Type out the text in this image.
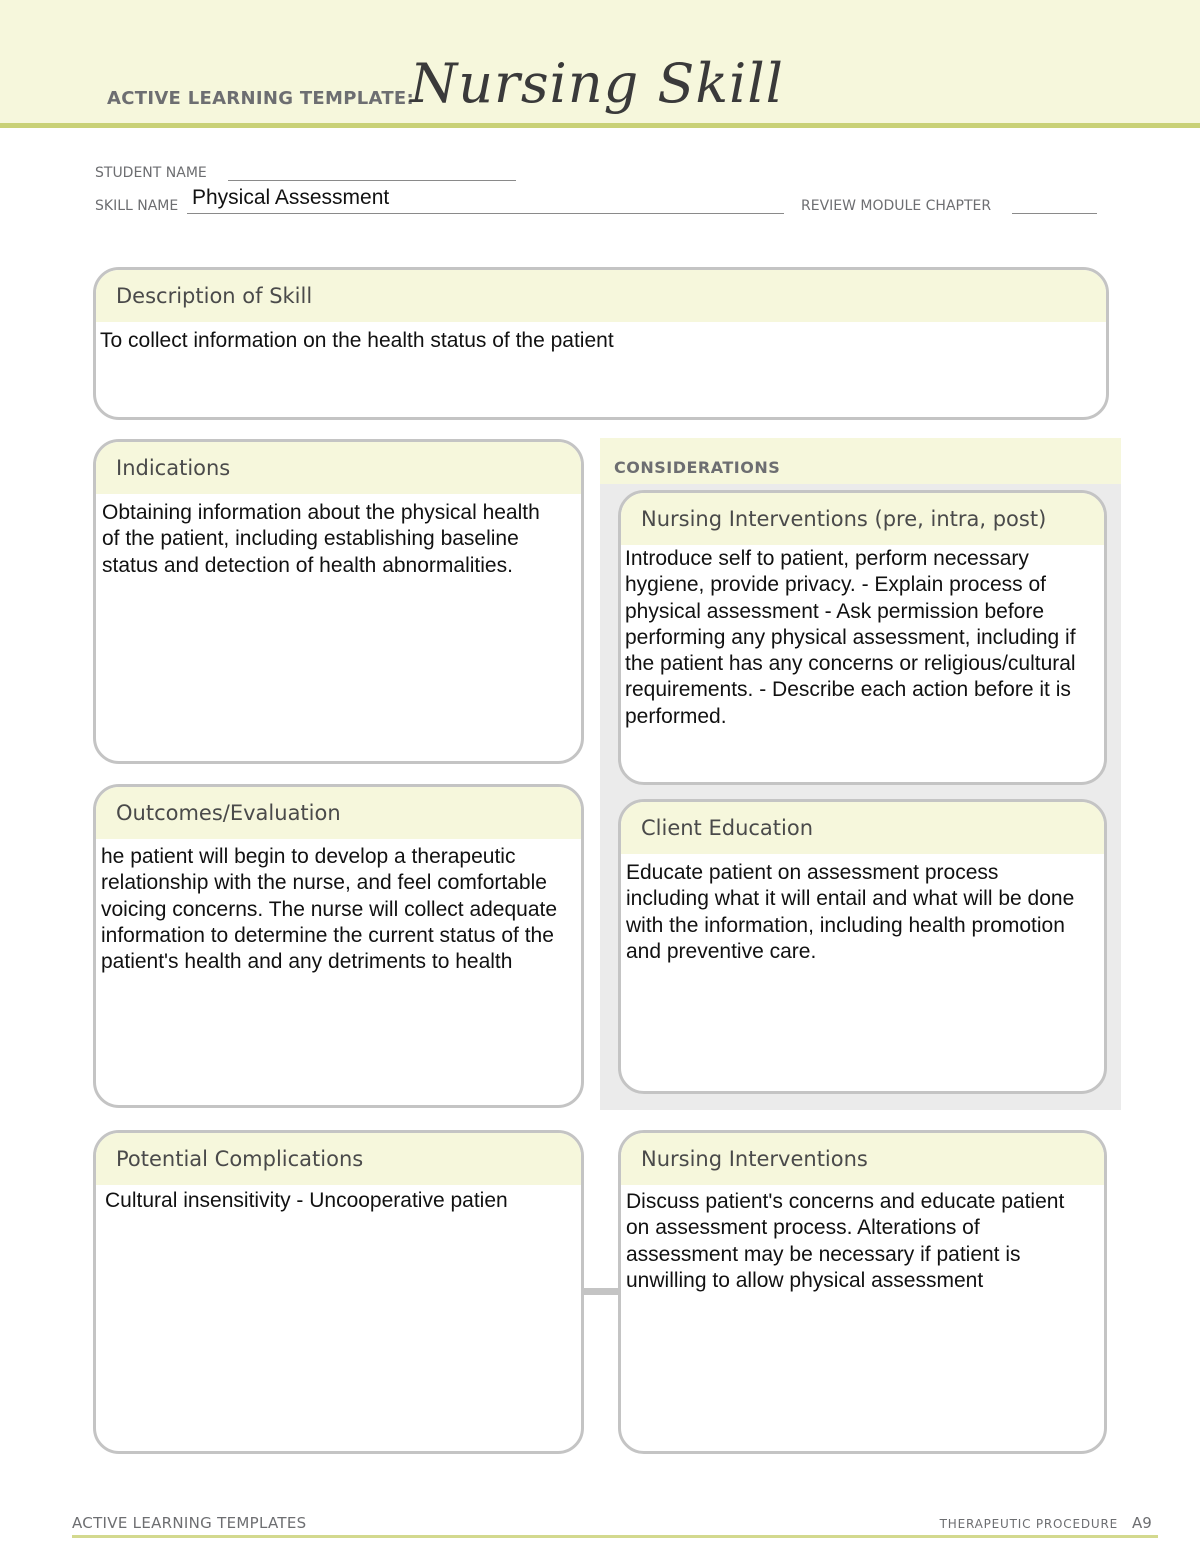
ACTIVE LEARNING TEMPLATE:
Nursing Skill
STUDENT NAME
SKILL NAME Physical Assessment	REVIEW MODULE CHAPTER
Description of Skill
To collect information on the health status of the patient
Indications
Obtaining information about the physical health of the patient, including establishing baseline status and detection of health abnormalities.
Outcomes/Evaluation
he patient will begin to develop a therapeutic relationship with the nurse, and feel comfortable voicing concerns. The nurse will collect adequate information to determine the current status of the patient's health and any detriments to health
CONSIDERATIONS
Nursing Interventions (pre, intra, post)
Introduce self to patient, perform necessary hygiene, provide privacy. - Explain process of physical assessment - Ask permission before performing any physical assessment, including if the patient has any concerns or religious/cultural requirements. - Describe each action before it is performed.
Client Education
Educate patient on assessment process including what it will entail and what will be done with the information, including health promotion and preventive care.
Potential Complications
Cultural insensitivity - Uncooperative patien
Nursing Interventions
Discuss patient's concerns and educate patient on assessment process. Alterations of assessment may be necessary if patient is unwilling to allow physical assessment
ACTIVE LEARNING TEMPLATES	THERAPEUTIC PROCEDURE A9
